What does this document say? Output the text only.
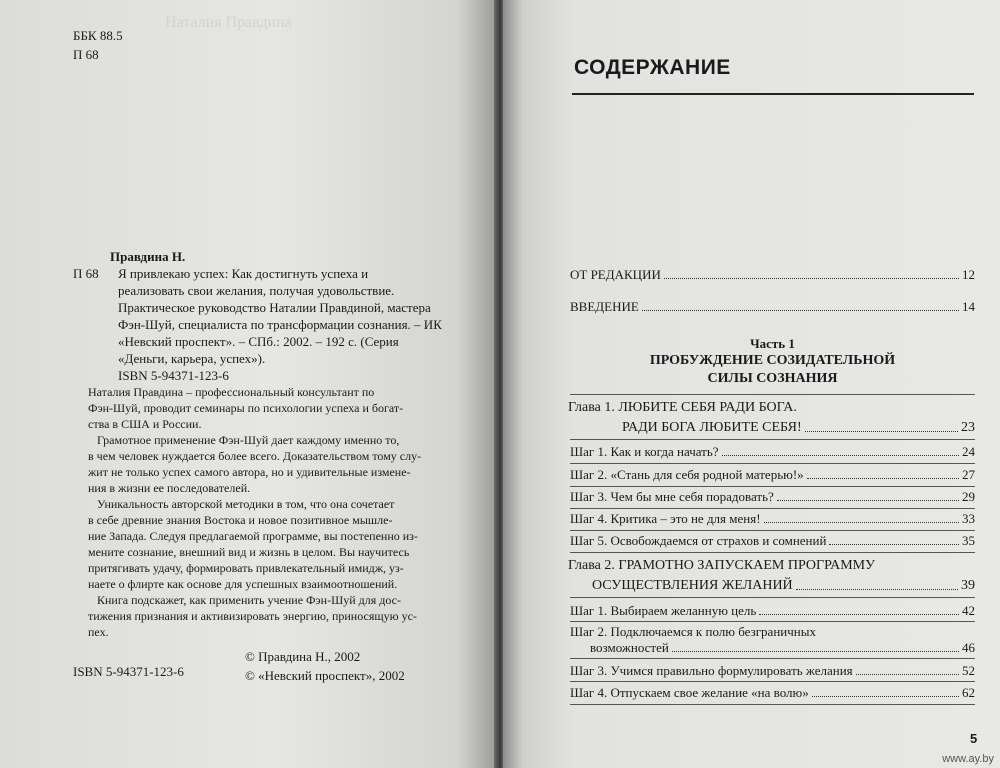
Наталия Правдина
ББК 88.5
П 68
Правдина Н.
П 68 Я привлекаю успех: Как достигнуть успеха и
реализовать свои желания, получая удовольствие.
Практическое руководство Наталии Правдиной, мастера
Фэн-Шуй, специалиста по трансформации сознания. – ИК
«Невский проспект». – СПб.: 2002. – 192 с. (Серия
«Деньги, карьера, успех»).
ISBN 5-94371-123-6
Наталия Правдина – профессиональный консультант по
Фэн-Шуй, проводит семинары по психологии успеха и богат-
ства в США и России.
Грамотное применение Фэн-Шуй дает каждому именно то,
в чем человек нуждается более всего. Доказательством тому слу-
жит не только успех самого автора, но и удивительные измене-
ния в жизни ее последователей.
Уникальность авторской методики в том, что она сочетает
в себе древние знания Востока и новое позитивное мышле-
ние Запада. Следуя предлагаемой программе, вы постепенно из-
мените сознание, внешний вид и жизнь в целом. Вы научитесь
притягивать удачу, формировать привлекательный имидж, уз-
наете о флирте как основе для успешных взаимоотношений.
Книга подскажет, как применить учение Фэн-Шуй для дос-
тижения признания и активизировать энергию, приносящую ус-
пех.
ISBN 5-94371-123-6
© Правдина Н., 2002
© «Невский проспект», 2002
СОДЕРЖАНИЕ
ОТ РЕДАКЦИИ	12
ВВЕДЕНИЕ	14
Часть 1
ПРОБУЖДЕНИЕ СОЗИДАТЕЛЬНОЙ
СИЛЫ СОЗНАНИЯ
Глава 1. ЛЮБИТЕ СЕБЯ РАДИ БОГА.
РАДИ БОГА ЛЮБИТЕ СЕБЯ!	23
Шаг 1. Как и когда начать?	24
Шаг 2. «Стань для себя родной матерью!»	27
Шаг 3. Чем бы мне себя порадовать?	29
Шаг 4. Критика – это не для меня!	33
Шаг 5. Освобождаемся от страхов и сомнений	35
Глава 2. ГРАМОТНО ЗАПУСКАЕМ ПРОГРАММУ
ОСУЩЕСТВЛЕНИЯ ЖЕЛАНИЙ	39
Шаг 1. Выбираем желанную цель	42
Шаг 2. Подключаемся к полю безграничных
возможностей	46
Шаг 3. Учимся правильно формулировать желания	52
Шаг 4. Отпускаем свое желание «на волю»	62
5
www.ay.by
